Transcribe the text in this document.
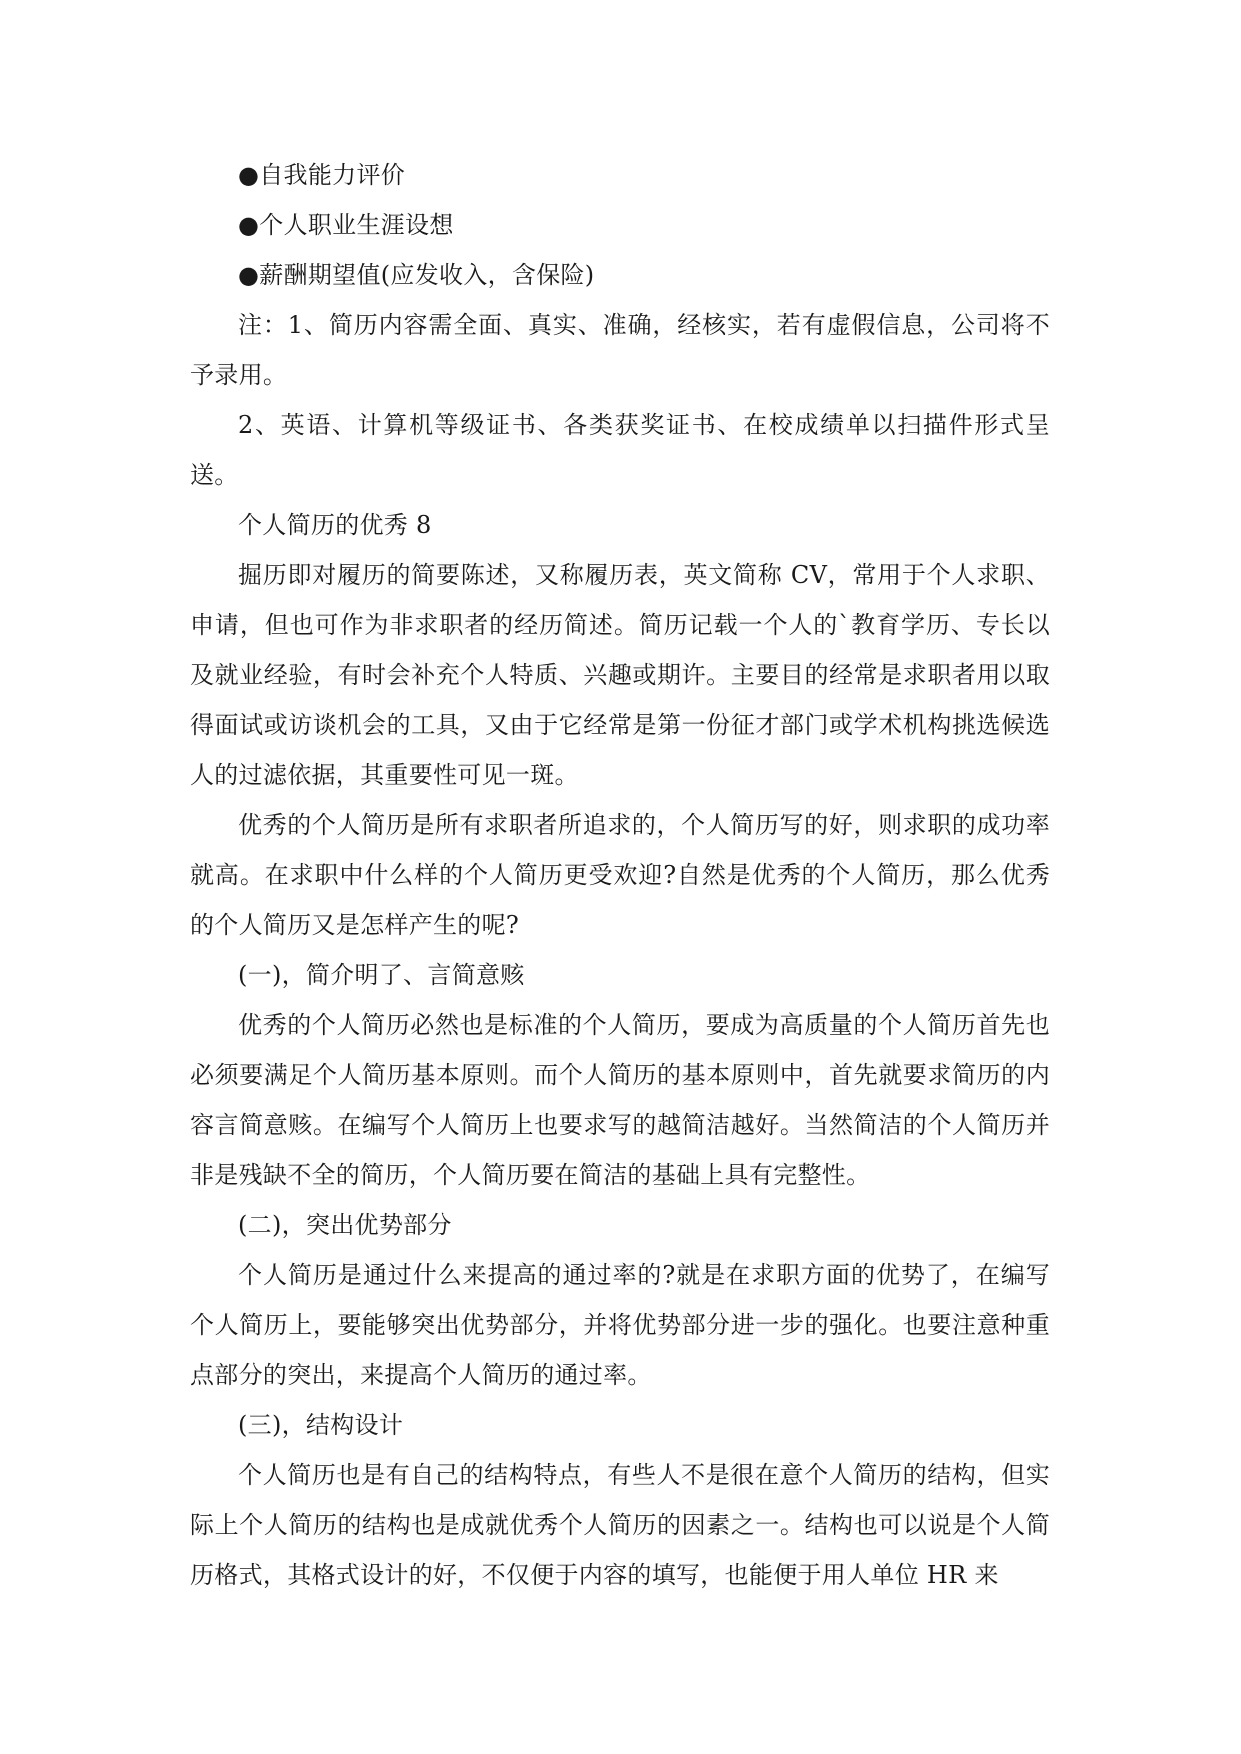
●自我能力评价

●个人职业生涯设想

●薪酬期望值(应发收入，含保险)

注：1、简历内容需全面、真实、准确，经核实，若有虚假信息，公司将不予录用。

2、英语、计算机等级证书、各类获奖证书、在校成绩单以扫描件形式呈送。

个人简历的优秀 8

掘历即对履历的简要陈述，又称履历表，英文简称 CV，常用于个人求职、申请，但也可作为非求职者的经历简述。简历记载一个人的`教育学历、专长以及就业经验，有时会补充个人特质、兴趣或期许。主要目的经常是求职者用以取得面试或访谈机会的工具，又由于它经常是第一份征才部门或学术机构挑选候选人的过滤依据，其重要性可见一斑。

优秀的个人简历是所有求职者所追求的，个人简历写的好，则求职的成功率就高。在求职中什么样的个人简历更受欢迎?自然是优秀的个人简历，那么优秀的个人简历又是怎样产生的呢?

(一)，简介明了、言简意赅

优秀的个人简历必然也是标准的个人简历，要成为高质量的个人简历首先也必须要满足个人简历基本原则。而个人简历的基本原则中，首先就要求简历的内容言简意赅。在编写个人简历上也要求写的越简洁越好。当然简洁的个人简历并非是残缺不全的简历，个人简历要在简洁的基础上具有完整性。

(二)，突出优势部分

个人简历是通过什么来提高的通过率的?就是在求职方面的优势了，在编写个人简历上，要能够突出优势部分，并将优势部分进一步的强化。也要注意种重点部分的突出，来提高个人简历的通过率。

(三)，结构设计

个人简历也是有自己的结构特点，有些人不是很在意个人简历的结构，但实际上个人简历的结构也是成就优秀个人简历的因素之一。结构也可以说是个人简历格式，其格式设计的好，不仅便于内容的填写，也能便于用人单位 HR 来
